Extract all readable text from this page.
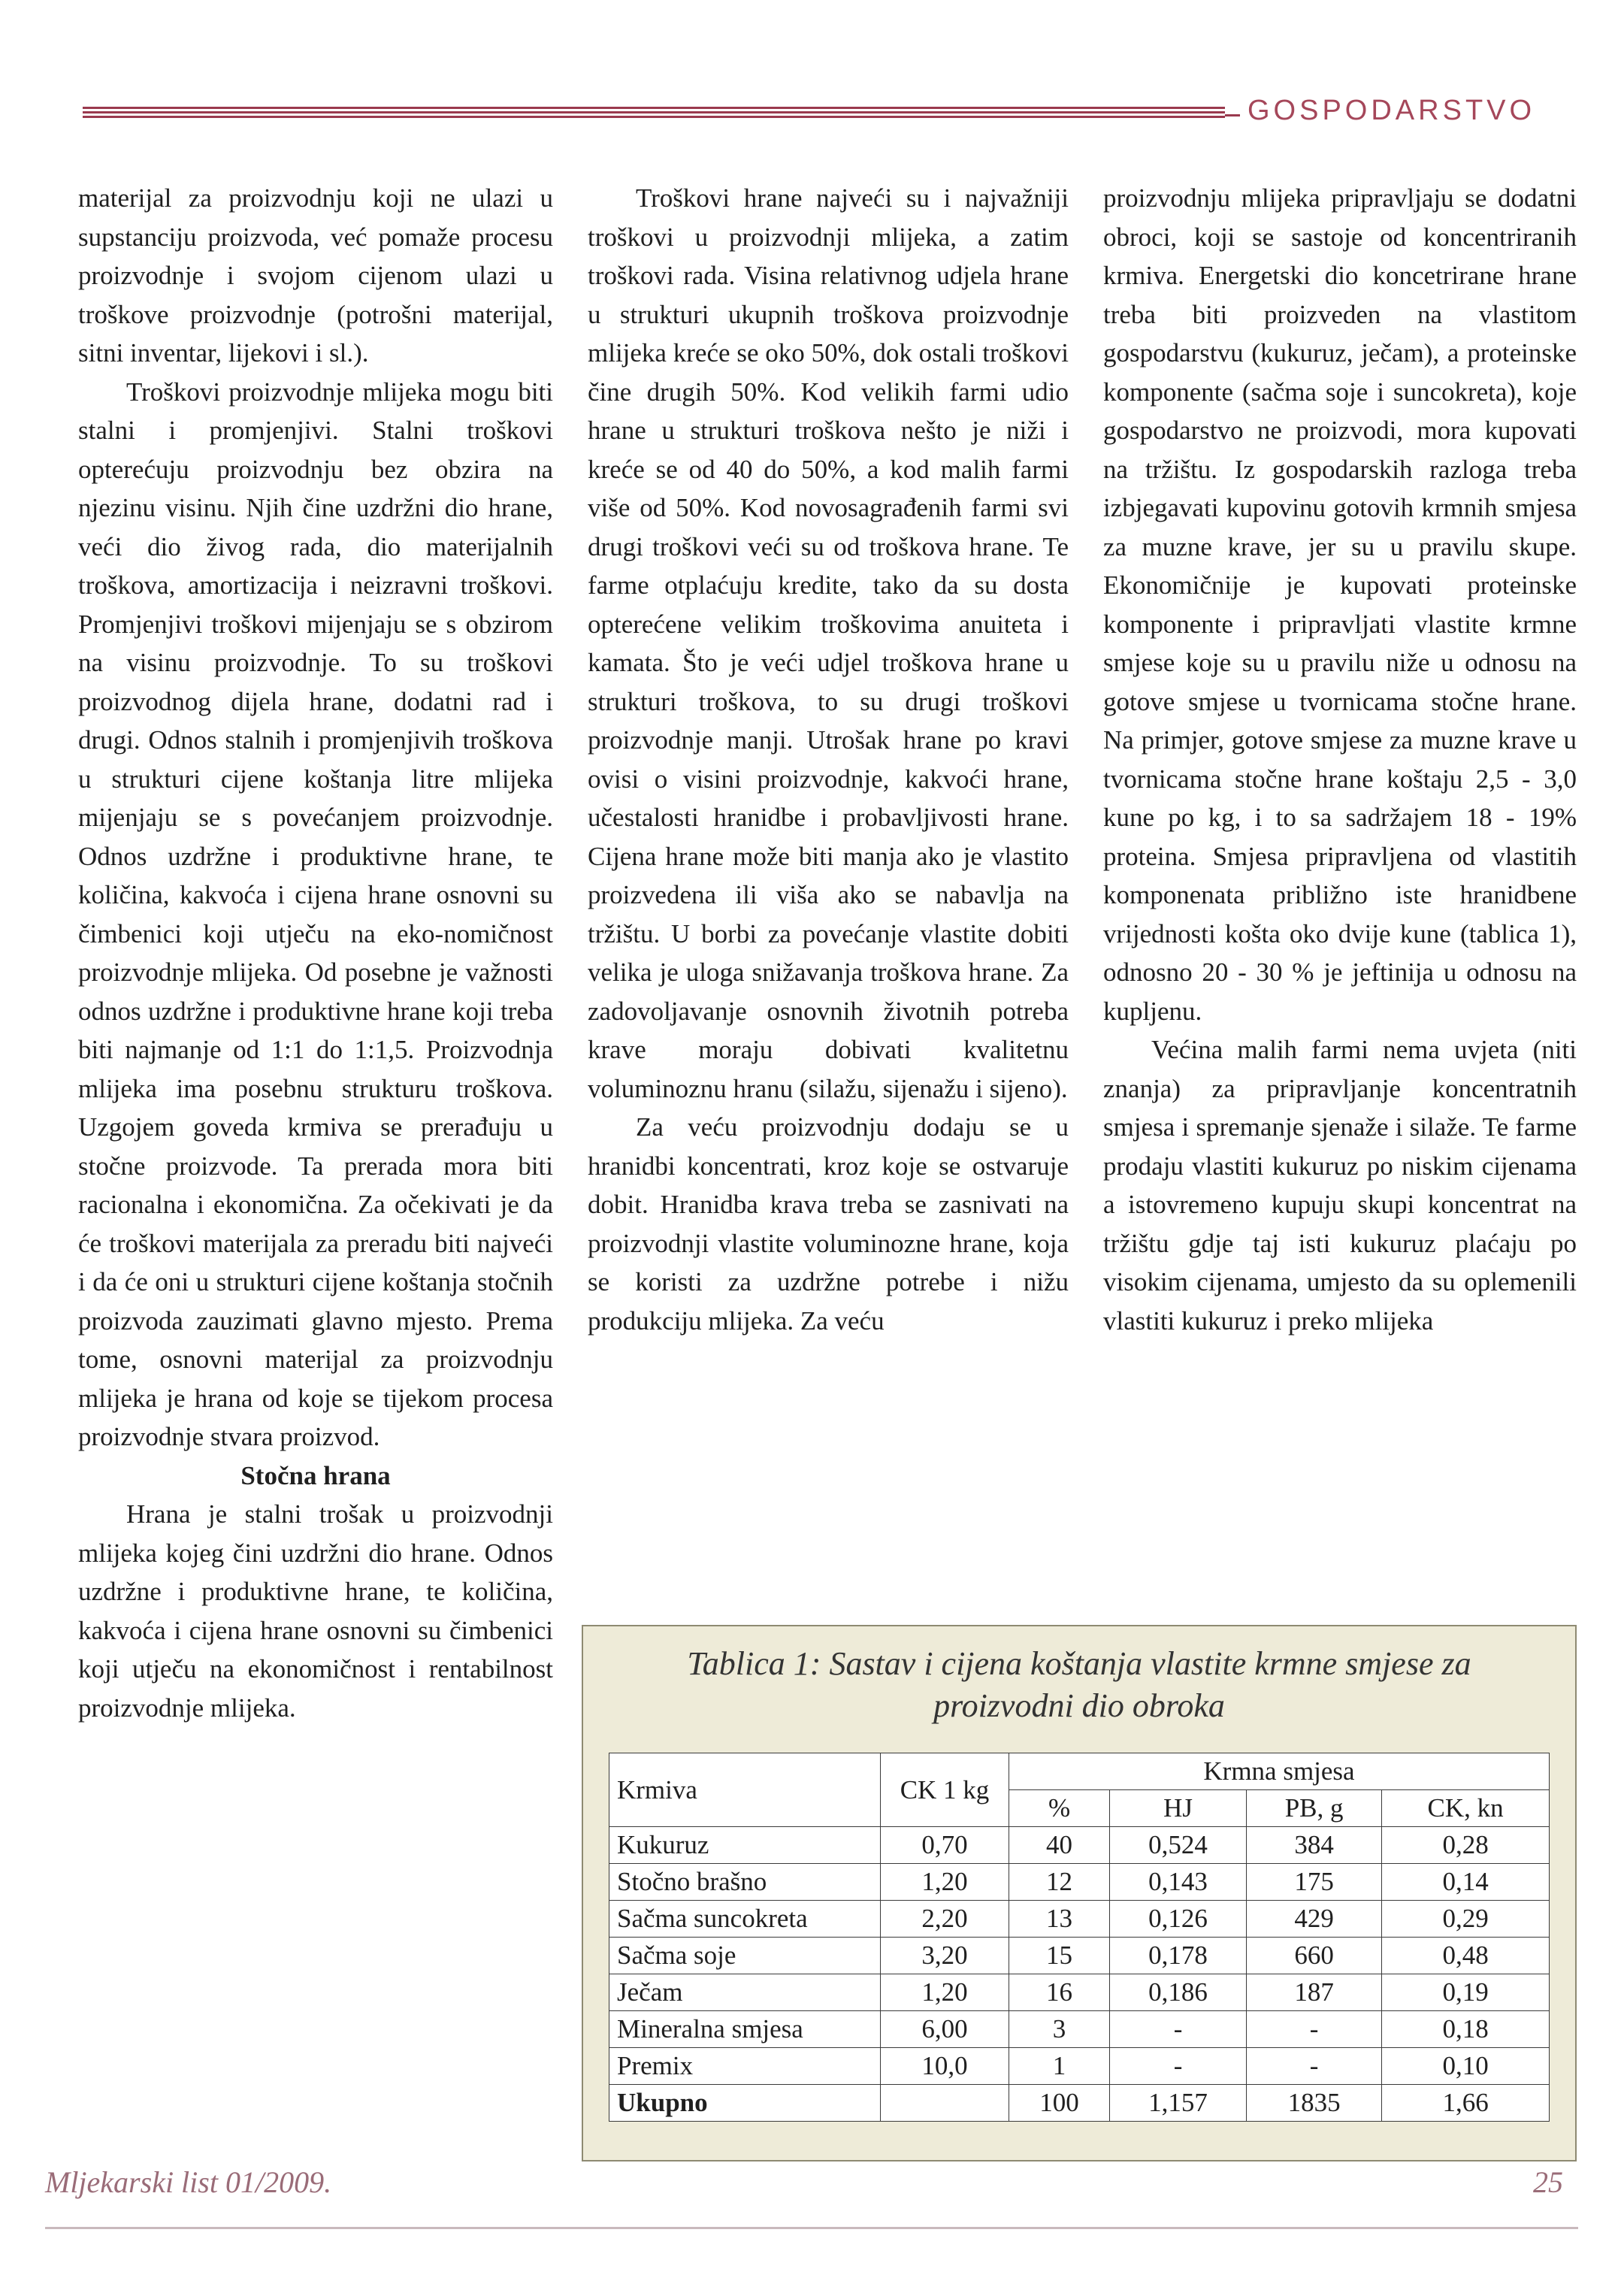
GOSPODARSTVO

materijal za proizvodnju koji ne ulazi u supstanciju proizvoda, već pomaže procesu proizvodnje i svojom cijenom ulazi u troškove proizvodnje (potrošni materijal, sitni inventar, lijekovi i sl.).

Troškovi proizvodnje mlijeka mogu biti stalni i promjenjivi. Stalni troškovi opterećuju proizvodnju bez obzira na njezinu visinu. Njih čine uzdržni dio hrane, veći dio živog rada, dio materijalnih troškova, amortizacija i neizravni troškovi. Promjenjivi troškovi mijenjaju se s obzirom na visinu proizvodnje. To su troškovi proizvodnog dijela hrane, dodatni rad i drugi. Odnos stalnih i promjenjivih troškova u strukturi cijene koštanja litre mlijeka mijenjaju se s povećanjem proizvodnje. Odnos uzdržne i produktivne hrane, te količina, kakvoća i cijena hrane osnovni su čimbenici koji utječu na eko-nomičnost proizvodnje mlijeka. Od posebne je važnosti odnos uzdržne i produktivne hrane koji treba biti najmanje od 1:1 do 1:1,5. Proizvodnja mlijeka ima posebnu strukturu troškova. Uzgojem goveda krmiva se prerađuju u stočne proizvode. Ta prerada mora biti racionalna i ekonomična. Za očekivati je da će troškovi materijala za preradu biti najveći i da će oni u strukturi cijene koštanja stočnih proizvoda zauzimati glavno mjesto. Prema tome, osnovni materijal za proizvodnju mlijeka je hrana od koje se tijekom procesa proizvodnje stvara proizvod.

Stočna hrana

Hrana je stalni trošak u proizvodnji mlijeka kojeg čini uzdržni dio hrane. Odnos uzdržne i produktivne hrane, te količina, kakvoća i cijena hrane osnovni su čimbenici koji utječu na ekonomičnost i rentabilnost proizvodnje mlijeka.

Troškovi hrane najveći su i najvažniji troškovi u proizvodnji mlijeka, a zatim troškovi rada. Visina relativnog udjela hrane u strukturi ukupnih troškova proizvodnje mlijeka kreće se oko 50%, dok ostali troškovi čine drugih 50%. Kod velikih farmi udio hrane u strukturi troškova nešto je niži i kreće se od 40 do 50%, a kod malih farmi više od 50%. Kod novosagrađenih farmi svi drugi troškovi veći su od troškova hrane. Te farme otplaćuju kredite, tako da su dosta opterećene velikim troškovima anuiteta i kamata. Što je veći udjel troškova hrane u strukturi troškova, to su drugi troškovi proizvodnje manji. Utrošak hrane po kravi ovisi o visini proizvodnje, kakvoći hrane, učestalosti hranidbe i probavljivosti hrane. Cijena hrane može biti manja ako je vlastito proizvedena ili viša ako se nabavlja na tržištu. U borbi za povećanje vlastite dobiti velika je uloga snižavanja troškova hrane. Za zadovoljavanje osnovnih životnih potreba krave moraju dobivati kvalitetnu voluminoznu hranu (silažu, sijenažu i sijeno).

Za veću proizvodnju dodaju se u hranidbi koncentrati, kroz koje se ostvaruje dobit. Hranidba krava treba se zasnivati na proizvodnji vlastite voluminozne hrane, koja se koristi za uzdržne potrebe i nižu produkciju mlijeka. Za veću

proizvodnju mlijeka pripravljaju se dodatni obroci, koji se sastoje od koncentriranih krmiva. Energetski dio koncetrirane hrane treba biti proizveden na vlastitom gospodarstvu (kukuruz, ječam), a proteinske komponente (sačma soje i suncokreta), koje gospodarstvo ne proizvodi, mora kupovati na tržištu. Iz gospodarskih razloga treba izbjegavati kupovinu gotovih krmnih smjesa za muzne krave, jer su u pravilu skupe. Ekonomičnije je kupovati proteinske komponente i pripravljati vlastite krmne smjese koje su u pravilu niže u odnosu na gotove smjese u tvornicama stočne hrane. Na primjer, gotove smjese za muzne krave u tvornicama stočne hrane koštaju 2,5 - 3,0 kune po kg, i to sa sadržajem 18 - 19% proteina. Smjesa pripravljena od vlastitih komponenata približno iste hranidbene vrijednosti košta oko dvije kune (tablica 1), odnosno 20 - 30 % je jeftinija u odnosu na kupljenu.

Većina malih farmi nema uvjeta (niti znanja) za pripravljanje koncentratnih smjesa i spremanje sjenaže i silaže. Te farme prodaju vlastiti kukuruz po niskim cijenama a istovremeno kupuju skupi koncentrat na tržištu gdje taj isti kukuruz plaćaju po visokim cijenama, umjesto da su oplemenili vlastiti kukuruz i preko mlijeka

Tablica 1: Sastav i cijena koštanja vlastite krmne smjese za
proizvodni dio obroka
Krmiva	CK 1 kg	Krmna smjesa			
		%	HJ	PB, g	CK, kn
Kukuruz	0,70	40	0,524	384	0,28
Stočno brašno	1,20	12	0,143	175	0,14
Sačma suncokreta	2,20	13	0,126	429	0,29
Sačma soje	3,20	15	0,178	660	0,48
Ječam	1,20	16	0,186	187	0,19
Mineralna smjesa	6,00	3	-	-	0,18
Premix	10,0	1	-	-	0,10
Ukupno		100	1,157	1835	1,66
Mljekarski list 01/2009.	25
